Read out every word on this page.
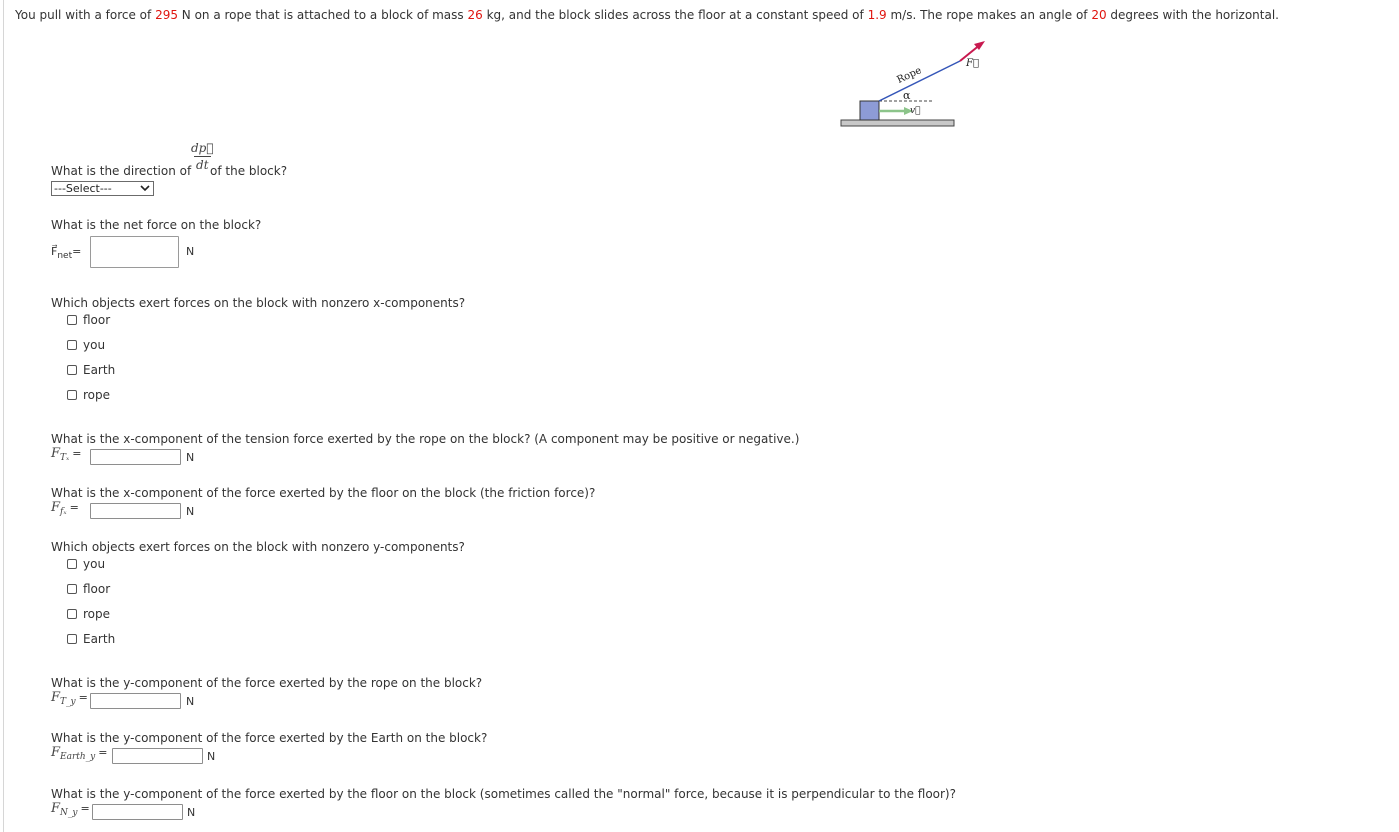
You pull with a force of 295 N on a rope that is attached to a block of mass 26 kg, and the block slides across the floor at a constant speed of 1.9 m/s. The rope makes an angle of 20 degrees with the horizontal.
Rope
α
F⃗
v⃗
dp⃗
dt
What is the direction of of the block?
---Select---
What is the net force on the block?
$F⃗_{net}=$	N
Which objects exert forces on the block with nonzero x-components?
floor
you
Earth
rope
What is the x-component of the tension force exerted by the rope on the block? (A component may be positive or negative.)
$F_{T_x}$ =	N
What is the x-component of the force exerted by the floor on the block (the friction force)?
$F_{f_x}$ =	N
Which objects exert forces on the block with nonzero y-components?
you
floor
rope
Earth
What is the y-component of the force exerted by the rope on the block?
$F_{T\_y}$ =	N
What is the y-component of the force exerted by the Earth on the block?
$F_{Earth\_y}$ =	N
What is the y-component of the force exerted by the floor on the block (sometimes called the "normal" force, because it is perpendicular to the floor)?
$F_{N\_y}$ =	N
